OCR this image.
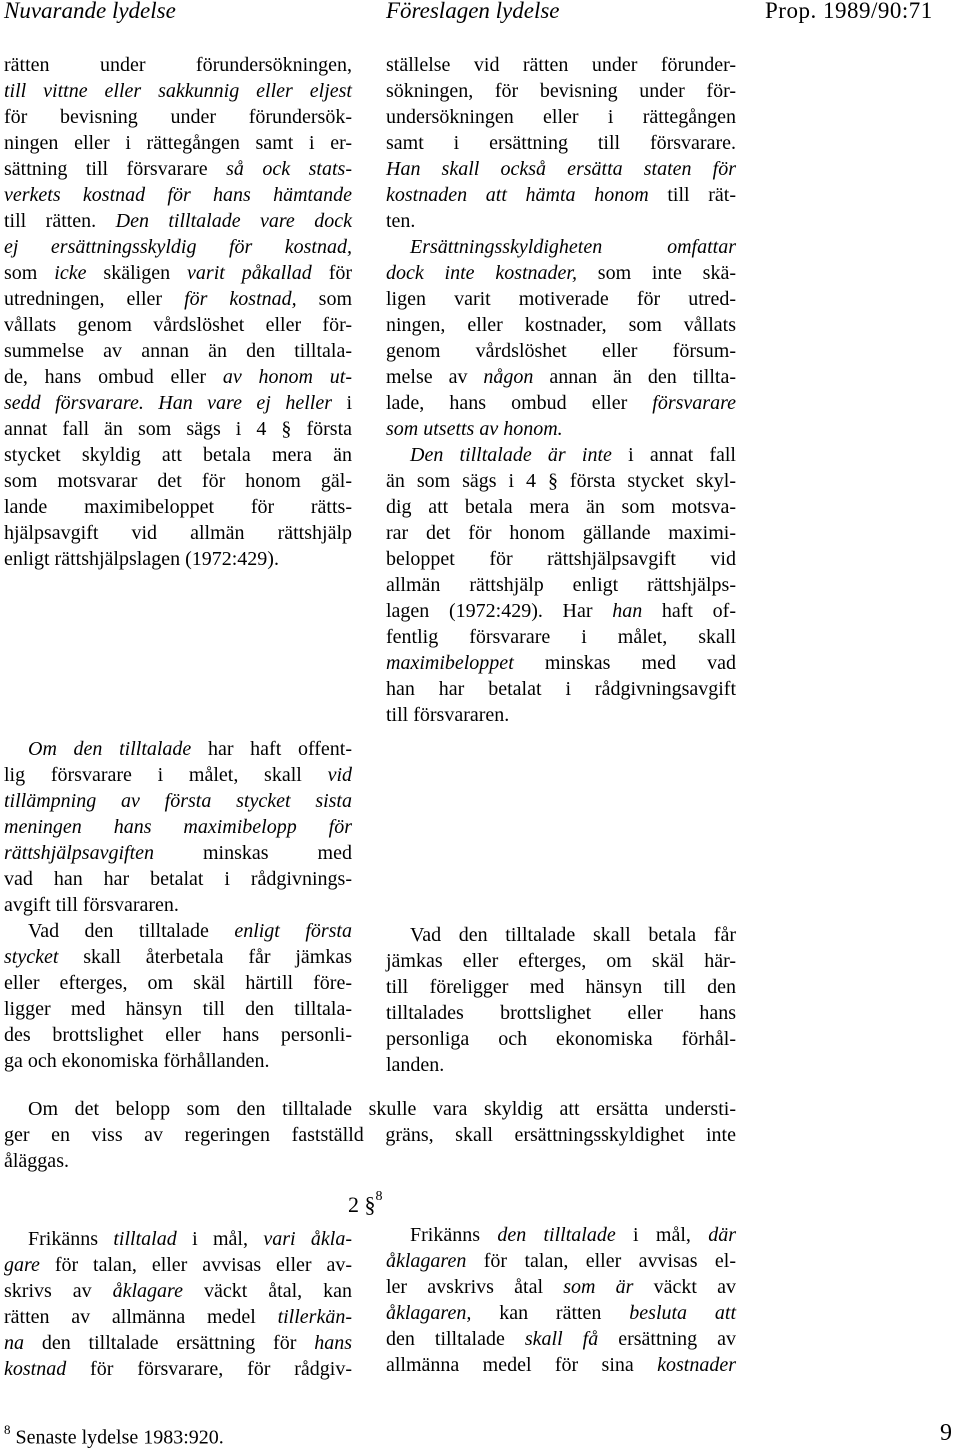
Nuvarande lydelse	Föreslagen lydelse	Prop. 1989/90:71
rätten under förundersökningen,
till vittne eller sakkunnig eller eljest
för bevisning under förundersök-
ningen eller i rättegången samt i er-
sättning till försvarare så ock stats-
verkets kostnad för hans hämtande
till rätten. Den tilltalade vare dock
ej ersättningsskyldig för kostnad,
som icke skäligen varit påkallad för
utredningen, eller för kostnad, som
vållats genom vårdslöshet eller för-
summelse av annan än den tilltala-
de, hans ombud eller av honom ut-
sedd försvarare. Han vare ej heller i
annat fall än som sägs i 4 § första
stycket skyldig att betala mera än
som motsvarar det för honom gäl-
lande maximibeloppet för rätts-
hjälpsavgift vid allmän rättshjälp
enligt rättshjälpslagen (1972:429).
ställelse vid rätten under förunder-
sökningen, för bevisning under för-
undersökningen eller i rättegången
samt i ersättning till försvarare.
Han skall också ersätta staten för
kostnaden att hämta honom till rät-
ten.
Ersättningsskyldigheten omfattar
dock inte kostnader, som inte skä-
ligen varit motiverade för utred-
ningen, eller kostnader, som vållats
genom vårdslöshet eller försum-
melse av någon annan än den tillta-
lade, hans ombud eller försvarare
som utsetts av honom.
Den tilltalade är inte i annat fall
än som sägs i 4 § första stycket skyl-
dig att betala mera än som motsva-
rar det för honom gällande maximi-
beloppet för rättshjälpsavgift vid
allmän rättshjälp enligt rättshjälps-
lagen (1972:429). Har han haft of-
fentlig försvarare i målet, skall
maximibeloppet minskas med vad
han har betalat i rådgivningsavgift
till försvararen.
Om den tilltalade har haft offent-
lig försvarare i målet, skall vid
tillämpning av första stycket sista
meningen hans maximibelopp för
rättshjälpsavgiften minskas med
vad han har betalat i rådgivnings-
avgift till försvararen.
Vad den tilltalade enligt första
stycket skall återbetala får jämkas
eller efterges, om skäl härtill före-
ligger med hänsyn till den tilltala-
des brottslighet eller hans personli-
ga och ekonomiska förhållanden.
Vad den tilltalade skall betala får
jämkas eller efterges, om skäl här-
till föreligger med hänsyn till den
tilltalades brottslighet eller hans
personliga och ekonomiska förhål-
landen.
Om det belopp som den tilltalade skulle vara skyldig att ersätta understi-
ger en viss av regeringen fastställd gräns, skall ersättningsskyldighet inte
åläggas.
2 §$^8$
Frikänns tilltalad i mål, vari åkla-
gare för talan, eller avvisas eller av-
skrivs av åklagare väckt åtal, kan
rätten av allmänna medel tillerkän-
na den tilltalade ersättning för hans
kostnad för försvarare, för rådgiv-
Frikänns den tilltalade i mål, där
åklagaren för talan, eller avvisas el-
ler avskrivs åtal som är väckt av
åklagaren, kan rätten besluta att
den tilltalade skall få ersättning av
allmänna medel för sina kostnader
$^8$ Senaste lydelse 1983:920.	9
